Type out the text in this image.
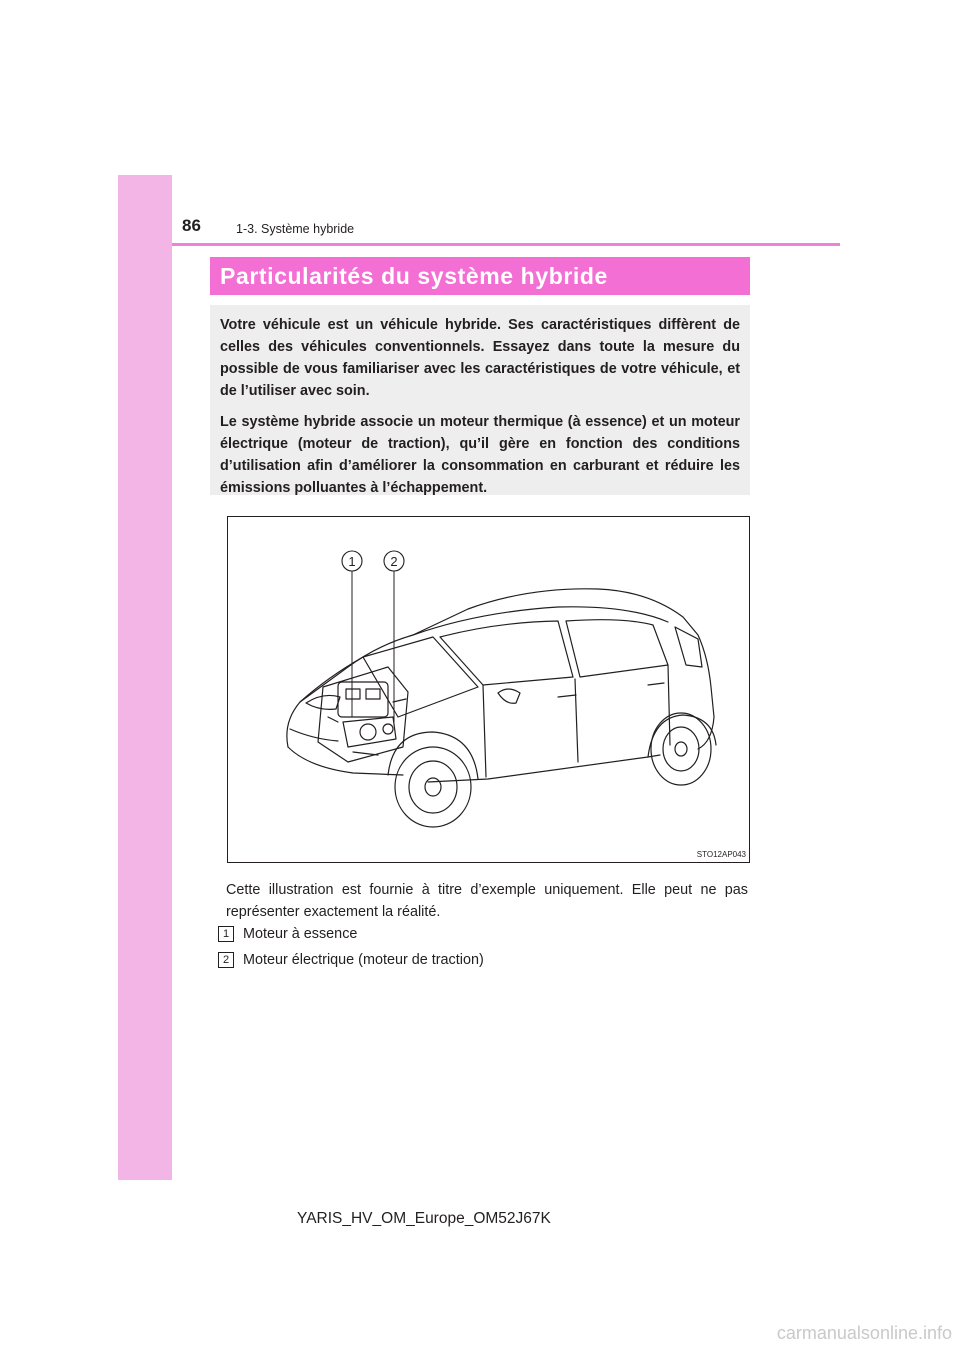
86	1-3. Système hybride
Particularités du système hybride

Votre véhicule est un véhicule hybride. Ses caractéristiques diffèrent de celles des véhicules conventionnels. Essayez dans toute la mesure du possible de vous familiariser avec les caractéristiques de votre véhicule, et de l’utiliser avec soin.

Le système hybride associe un moteur thermique (à essence) et un moteur électrique (moteur de traction), qu’il gère en fonction des conditions d’utilisation afin d’améliorer la consommation en carburant et réduire les émissions polluantes à l’échappement.

1	2
STO12AP043
Cette illustration est fournie à titre d’exemple uniquement. Elle peut ne pas représenter exactement la réalité.
1 Moteur à essence
2 Moteur électrique (moteur de traction)
YARIS_HV_OM_Europe_OM52J67K
carmanualsonline.info
